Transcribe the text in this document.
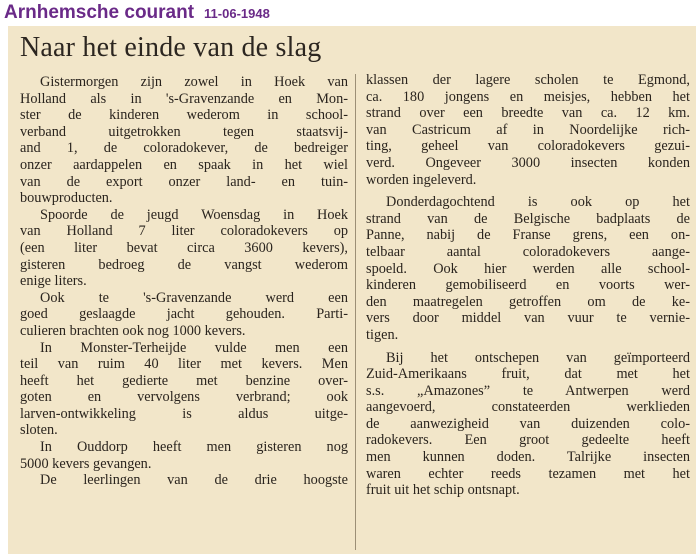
Arnhemsche courant 11-06-1948
Naar het einde van de slag
Gistermorgen zijn zowel in Hoek van
Holland als in 's-Gravenzande en Mon-
ster de kinderen wederom in school-
verband uitgetrokken tegen staatsvij-
and 1, de coloradokever, de bedreiger
onzer aardappelen en spaak in het wiel
van de export onzer land- en tuin-
bouwproducten.
Spoorde de jeugd Woensdag in Hoek
van Holland 7 liter coloradokevers op
(een liter bevat circa 3600 kevers),
gisteren bedroeg de vangst wederom
enige liters.
Ook te 's-Gravenzande werd een
goed geslaagde jacht gehouden. Parti-
culieren brachten ook nog 1000 kevers.
In Monster-Terheijde vulde men een
teil van ruim 40 liter met kevers. Men
heeft het gedierte met benzine over-
goten en vervolgens verbrand; ook
larven-ontwikkeling is aldus uitge-
sloten.
In Ouddorp heeft men gisteren nog
5000 kevers gevangen.
De leerlingen van de drie hoogste
klassen der lagere scholen te Egmond,
ca. 180 jongens en meisjes, hebben het
strand over een breedte van ca. 12 km.
van Castricum af in Noordelijke rich-
ting, geheel van coloradokevers gezui-
verd. Ongeveer 3000 insecten konden
worden ingeleverd.
Donderdagochtend is ook op het
strand van de Belgische badplaats de
Panne, nabij de Franse grens, een on-
telbaar aantal coloradokevers aange-
spoeld. Ook hier werden alle school-
kinderen gemobiliseerd en voorts wer-
den maatregelen getroffen om de ke-
vers door middel van vuur te vernie-
tigen.
Bij het ontschepen van geïmporteerd
Zuid-Amerikaans fruit, dat met het
s.s. „Amazones” te Antwerpen werd
aangevoerd, constateerden werklieden
de aanwezigheid van duizenden colo-
radokevers. Een groot gedeelte heeft
men kunnen doden. Talrijke insecten
waren echter reeds tezamen met het
fruit uit het schip ontsnapt.
